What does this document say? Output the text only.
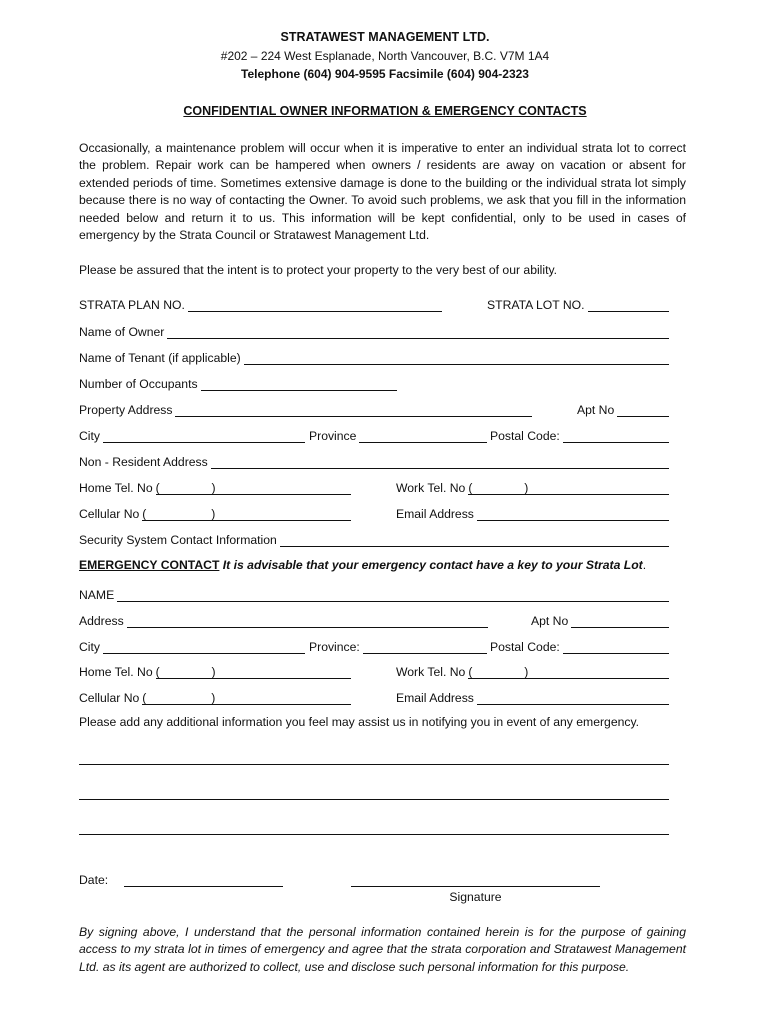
STRATAWEST MANAGEMENT LTD.
#202 – 224 West Esplanade, North Vancouver, B.C. V7M 1A4
Telephone (604) 904-9595 Facsimile (604) 904-2323
CONFIDENTIAL OWNER INFORMATION & EMERGENCY CONTACTS
Occasionally, a maintenance problem will occur when it is imperative to enter an individual strata lot to correct the problem. Repair work can be hampered when owners / residents are away on vacation or absent for extended periods of time. Sometimes extensive damage is done to the building or the individual strata lot simply because there is no way of contacting the Owner. To avoid such problems, we ask that you fill in the information needed below and return it to us. This information will be kept confidential, only to be used in cases of emergency by the Strata Council or Stratawest Management Ltd.
Please be assured that the intent is to protect your property to the very best of our ability.
STRATA PLAN NO.	STRATA LOT NO.
Name of Owner
Name of Tenant (if applicable)
Number of Occupants
Property Address	Apt No
City	Province	Postal Code:
Non - Resident Address
Home Tel. No (	)	Work Tel. No (	)
Cellular No (	)	Email Address
Security System Contact Information
EMERGENCY CONTACT It is advisable that your emergency contact have a key to your Strata Lot.
NAME
Address	Apt No
City	Province:	Postal Code:
Home Tel. No (	)	Work Tel. No (	)
Cellular No (	)	Email Address
Please add any additional information you feel may assist us in notifying you in event of any emergency.
Date:
Signature
By signing above, I understand that the personal information contained herein is for the purpose of gaining access to my strata lot in times of emergency and agree that the strata corporation and Stratawest Management Ltd. as its agent are authorized to collect, use and disclose such personal information for this purpose.
